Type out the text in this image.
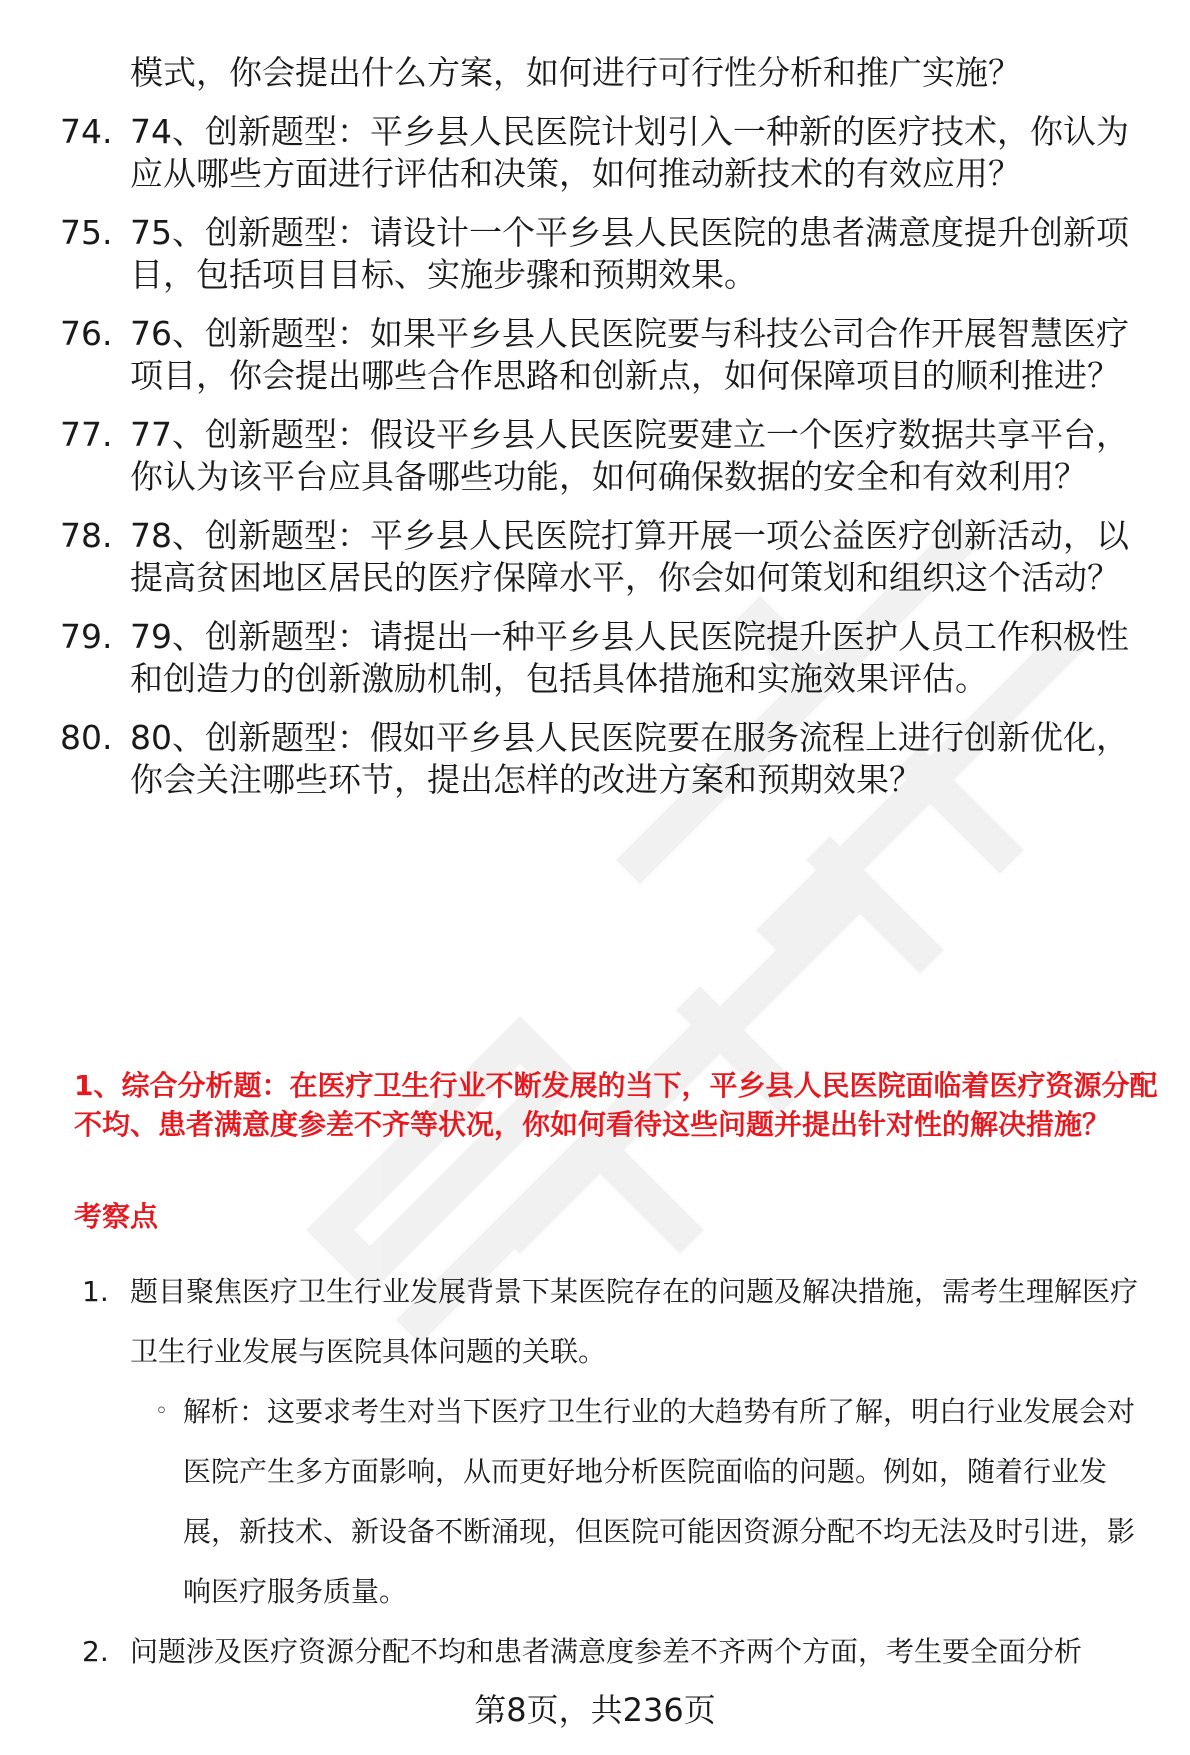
模式，你会提出什么方案，如何进行可行性分析和推广实施？
74. 74、创新题型：平乡县人民医院计划引入一种新的医疗技术，你认为应从哪些方面进行评估和决策，如何推动新技术的有效应用？
75. 75、创新题型：请设计一个平乡县人民医院的患者满意度提升创新项目，包括项目目标、实施步骤和预期效果。
76. 76、创新题型：如果平乡县人民医院要与科技公司合作开展智慧医疗项目，你会提出哪些合作思路和创新点，如何保障项目的顺利推进？
77. 77、创新题型：假设平乡县人民医院要建立一个医疗数据共享平台，你认为该平台应具备哪些功能，如何确保数据的安全和有效利用？
78. 78、创新题型：平乡县人民医院打算开展一项公益医疗创新活动，以提高贫困地区居民的医疗保障水平，你会如何策划和组织这个活动？
79. 79、创新题型：请提出一种平乡县人民医院提升医护人员工作积极性和创造力的创新激励机制，包括具体措施和实施效果评估。
80. 80、创新题型：假如平乡县人民医院要在服务流程上进行创新优化，你会关注哪些环节，提出怎样的改进方案和预期效果？
1、综合分析题：在医疗卫生行业不断发展的当下，平乡县人民医院面临着医疗资源分配不均、患者满意度参差不齐等状况，你如何看待这些问题并提出针对性的解决措施？
考察点
1. 题目聚焦医疗卫生行业发展背景下某医院存在的问题及解决措施，需考生理解医疗卫生行业发展与医院具体问题的关联。
◦ 解析：这要求考生对当下医疗卫生行业的大趋势有所了解，明白行业发展会对医院产生多方面影响，从而更好地分析医院面临的问题。例如，随着行业发展，新技术、新设备不断涌现，但医院可能因资源分配不均无法及时引进，影响医疗服务质量。
2. 问题涉及医疗资源分配不均和患者满意度参差不齐两个方面，考生要全面分析
第8页，共236页
